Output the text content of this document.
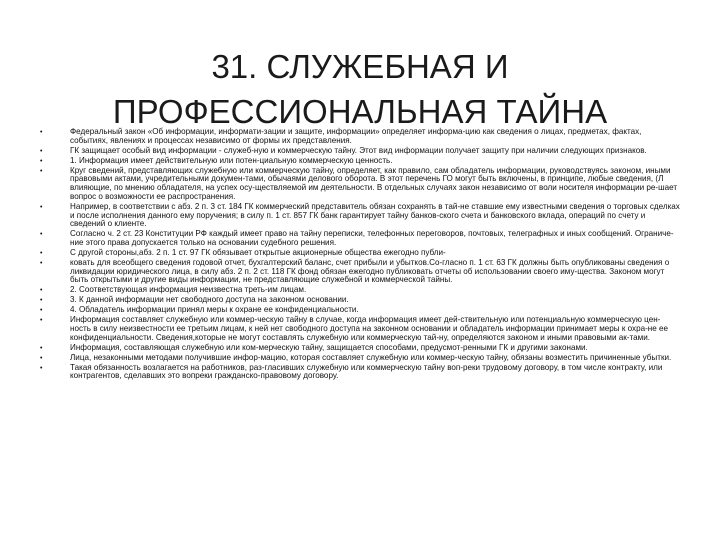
31. СЛУЖЕБНАЯ И
ПРОФЕССИОНАЛЬНАЯ ТАЙНА
•	Федеральный закон «Об информации, информати-зации и защите, информации» определяет информа-цию как сведения о лицах, предметах, фактах, событиях, явлениях и процессах независимо от формы их представления.
•	ГК защищает особый вид информации - служеб-ную и коммерческую тайну. Этот вид информации получает защиту при наличии следующих признаков.
•	1. Информация имеет действительную или потен-циальную коммерческую ценность.
•	Круг сведений, представляющих служебную или коммерческую тайну, определяет, как правило, сам обладатель информации, руководствуясь законом, иными правовыми актами, учредительными докумен-тами, обычаями делового оборота. В этот перечень ГО могут быть включены, в принципе, любые сведения, (Л влияющие, по мнению обладателя, на успех осу-ществляемой им деятельности. В отдельных случаях закон независимо от воли носителя информации ре-шает вопрос о возможности ее распространения.
•	Например, в соответствии с абз. 2 п. 3 ст. 184 ГК коммерческий представитель обязан сохранять в тай-не ставшие ему известными сведения о торговых сделках и после исполнения данного ему поручения; в силу п. 1 ст. 857 ГК банк гарантирует тайну банков-ского счета и банковского вклада, операций по счету и сведений о клиенте.
•	Согласно ч. 2 ст. 23 Конституции РФ каждый имеет право на тайну переписки, телефонных переговоров, почтовых, телеграфных и иных сообщений. Ограниче-ние этого права допускается только на основании судебного решения.
•	С другой стороны,абз. 2 п. 1 ст. 97 ГК обязывает открытые акционерные общества ежегодно публи-
•	ковать для всеобщего сведения годовой отчет, бухгалтерский баланс, счет прибыли и убытков.Со-гласно п. 1 ст. 63 ГК должны быть опубликованы сведения о ликвидации юридического лица, в силу абз. 2 п. 2 ст. 118 ГК фонд обязан ежегодно публиковать отчеты об использовании своего иму-щества. Законом могут быть открытыми и другие виды информации, не представляющие служебной и коммерческой тайны.
•	2. Соответствующая информация неизвестна треть-им лицам.
•	3. К данной информации нет свободного доступа на законном основании.
•	4. Обладатель информации принял меры к охране ее конфиденциальности.
•	Информация составляет служебную или коммер-ческую тайну в случае, когда информация имеет дей-ствительную или потенциальную коммерческую цен-ность в силу неизвестности ее третьим лицам, к ней нет свободного доступа на законном основании и обладатель информации принимает меры к охра-не ее конфиденциальности. Сведения,которые не могут составлять служебную или коммерческую тай-ну, определяются законом и иными правовыми ак-тами.
•	Информация, составляющая служебную или ком-мерческую тайну, защищается способами, предусмот-ренными ГК и другими законами.
•	Лица, незаконными методами получившие инфор-мацию, которая составляет служебную или коммер-ческую тайну, обязаны возместить причиненные убытки.
•	Такая обязанность возлагается на работников, раз-гласивших служебную или коммерческую тайну воп-реки трудовому договору, в том числе контракту, или контрагентов, сделавших это вопреки гражданско-правовому договору.
